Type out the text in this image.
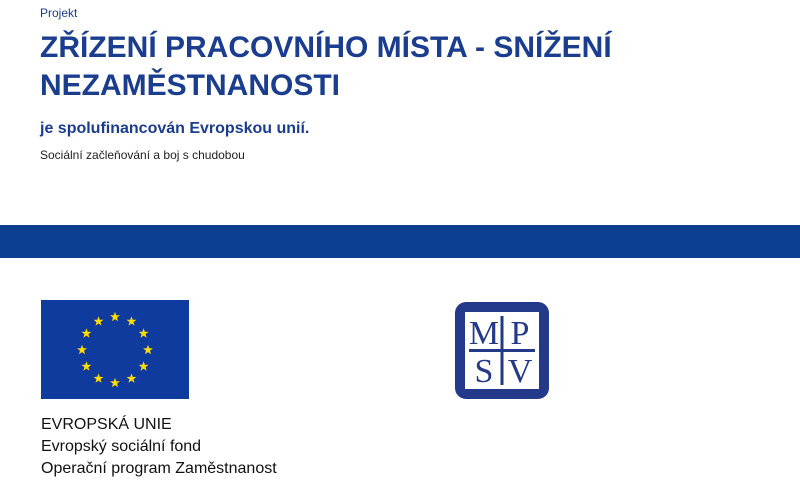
Projekt
ZŘÍZENÍ PRACOVNÍHO MÍSTA - SNÍŽENÍ NEZAMĚSTNANOSTI
je spolufinancován Evropskou unií.
Sociální začleňování a boj s chudobou
EVROPSKÁ UNIE
Evropský sociální fond
Operační program Zaměstnanost
M P
S V
